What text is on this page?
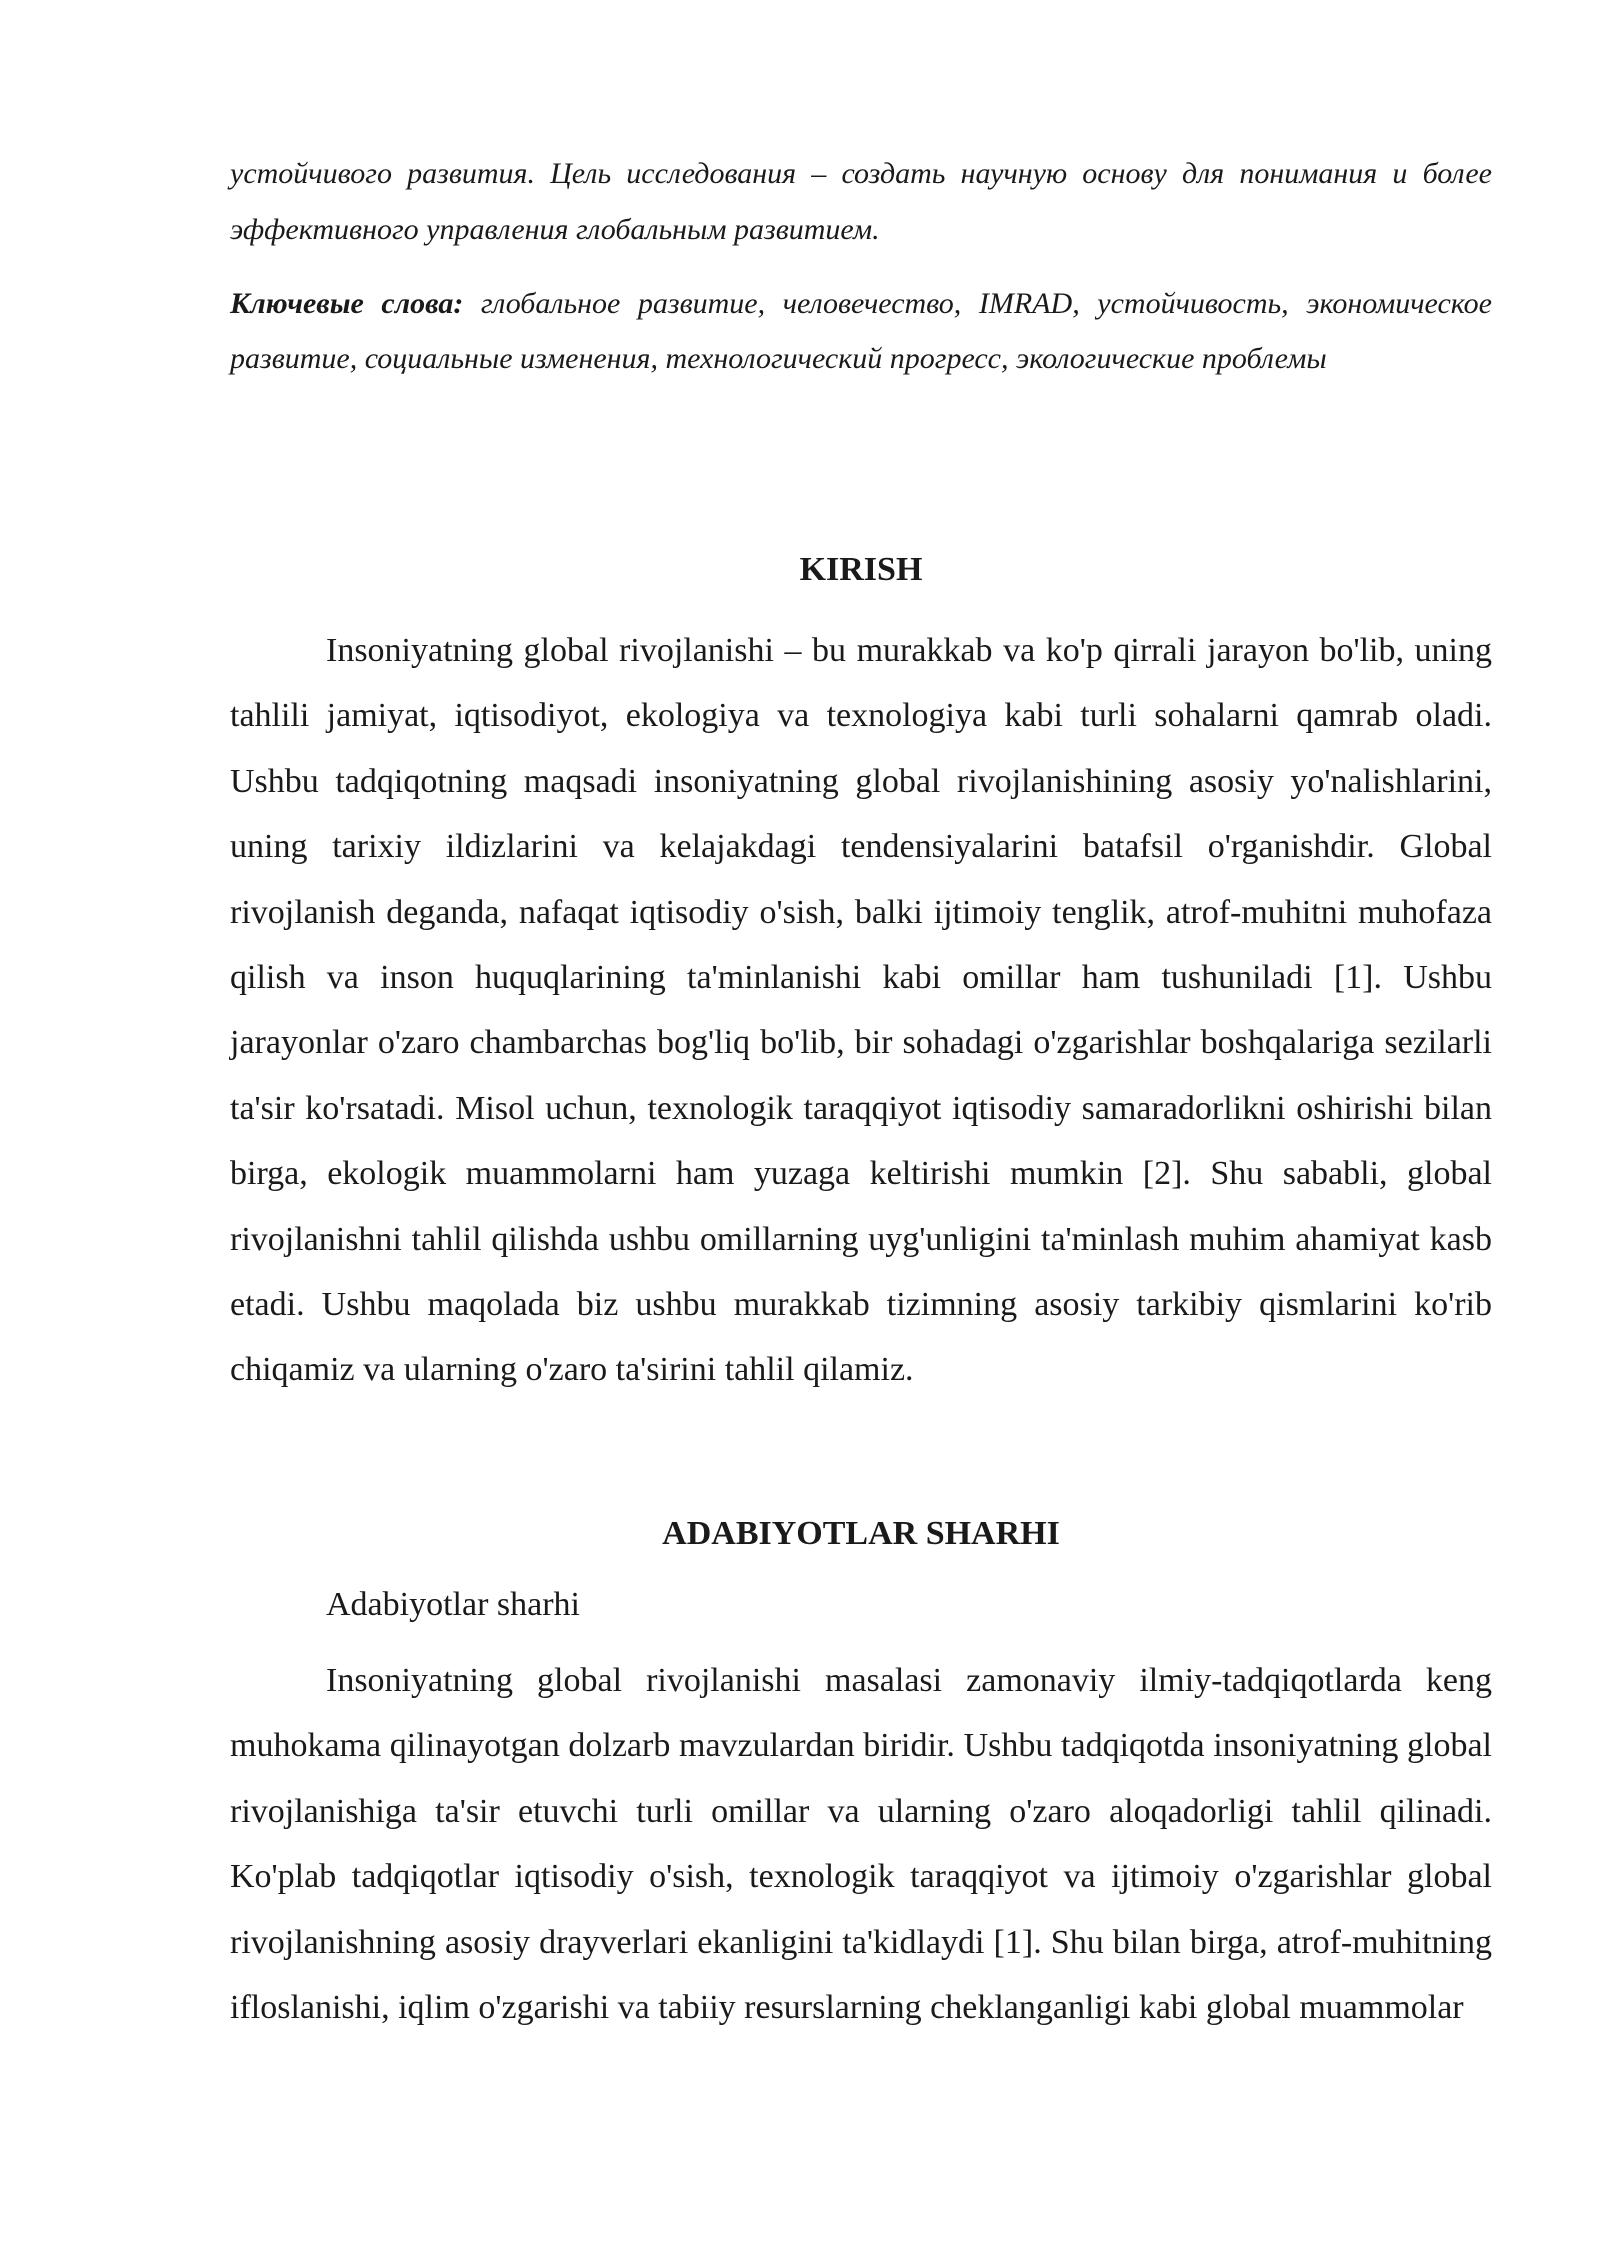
устойчивого развития. Цель исследования – создать научную основу для понимания и более эффективного управления глобальным развитием.

Ключевые слова: глобальное развитие, человечество, IMRAD, устойчивость, экономическое развитие, социальные изменения, технологический прогресс, экологические проблемы

KIRISH

Insoniyatning global rivojlanishi – bu murakkab va ko'p qirrali jarayon bo'lib, uning tahlili jamiyat, iqtisodiyot, ekologiya va texnologiya kabi turli sohalarni qamrab oladi. Ushbu tadqiqotning maqsadi insoniyatning global rivojlanishining asosiy yo'nalishlarini, uning tarixiy ildizlarini va kelajakdagi tendensiyalarini batafsil o'rganishdir. Global rivojlanish deganda, nafaqat iqtisodiy o'sish, balki ijtimoiy tenglik, atrof-muhitni muhofaza qilish va inson huquqlarining ta'minlanishi kabi omillar ham tushuniladi [1]. Ushbu jarayonlar o'zaro chambarchas bog'liq bo'lib, bir sohadagi o'zgarishlar boshqalariga sezilarli ta'sir ko'rsatadi. Misol uchun, texnologik taraqqiyot iqtisodiy samaradorlikni oshirishi bilan birga, ekologik muammolarni ham yuzaga keltirishi mumkin [2]. Shu sababli, global rivojlanishni tahlil qilishda ushbu omillarning uyg'unligini ta'minlash muhim ahamiyat kasb etadi. Ushbu maqolada biz ushbu murakkab tizimning asosiy tarkibiy qismlarini ko'rib chiqamiz va ularning o'zaro ta'sirini tahlil qilamiz.

ADABIYOTLAR SHARHI

Adabiyotlar sharhi

Insoniyatning global rivojlanishi masalasi zamonaviy ilmiy-tadqiqotlarda keng muhokama qilinayotgan dolzarb mavzulardan biridir. Ushbu tadqiqotda insoniyatning global rivojlanishiga ta'sir etuvchi turli omillar va ularning o'zaro aloqadorligi tahlil qilinadi. Ko'plab tadqiqotlar iqtisodiy o'sish, texnologik taraqqiyot va ijtimoiy o'zgarishlar global rivojlanishning asosiy drayverlari ekanligini ta'kidlaydi [1]. Shu bilan birga, atrof-muhitning ifloslanishi, iqlim o'zgarishi va tabiiy resurslarning cheklanganligi kabi global muammolar
